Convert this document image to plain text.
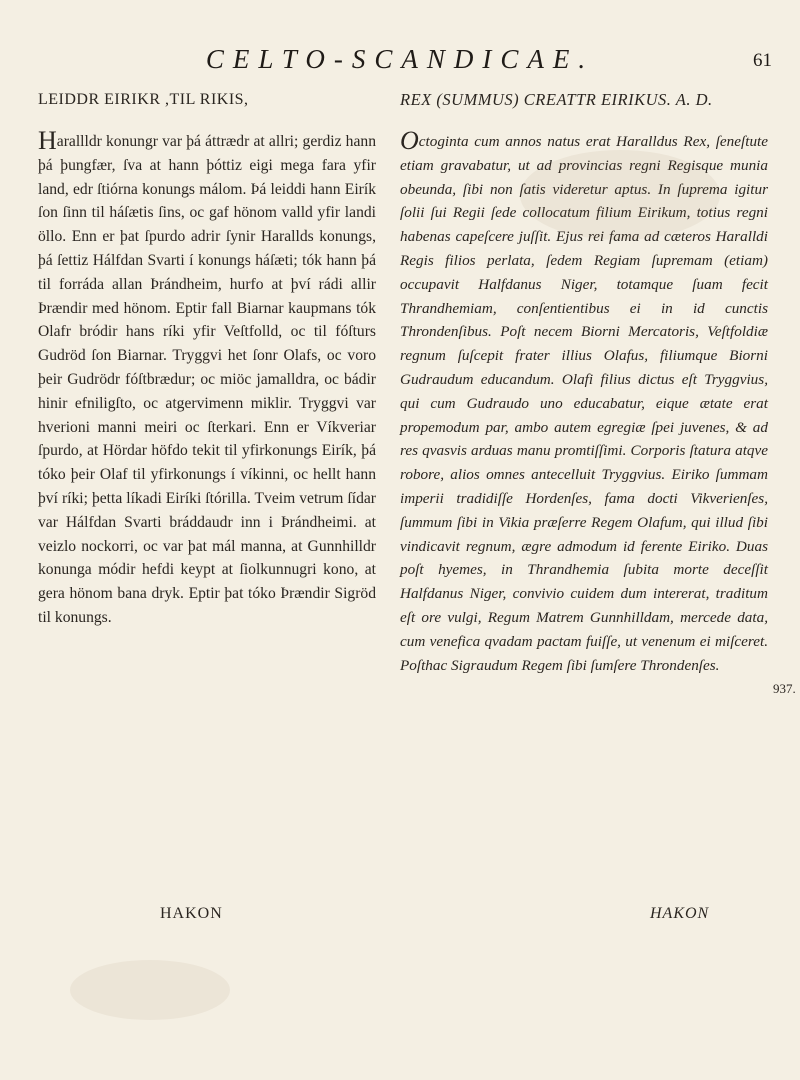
CELTO-SCANDICAE.	61
LEIDDR EIRIKR ,TIL RIKIS,
Harallldr konungr var þá áttrædr at allri; gerdiz hann þá þungfær, ſva at hann þóttiz eigi mega fara yfir land, edr ſtiórna konungs málom. Þá leiddi hann Eirík ſon ſinn til háſætis ſins, oc gaf hönom valld yfir landi öllo. Enn er þat ſpurdo adrir ſynir Harallds konungs, þá ſettiz Hálfdan Svarti í konungs háſæti; tók hann þá til forráda allan Þrándheim, hurfo at því rádi allir Þrændir med hönom. Eptir fall Biarnar kaupmans tók Olafr bródir hans ríki yfir Veſtfolld, oc til fóſturs Gudröd ſon Biarnar. Tryggvi het ſonr Olafs, oc voro þeir Gudrödr fóſtbrædur; oc miöc jamalldra, oc bádir hinir efniligſto, oc atgervimenn miklir. Tryggvi var hverioni manni meiri oc ſterkari. Enn er Víkveriar ſpurdo, at Hördar höfdo tekit til yfirkonungs Eirík, þá tóko þeir Olaf til yfirkonungs í víkinni, oc hellt hann því ríki; þetta líkadi Eiríki ſtórilla. Tveim vetrum ſídar var Hálfdan Svarti bráddaudr inn i Þrándheimi. at veizlo nockorri, oc var þat mál manna, at Gunnhilldr konunga módir hefdi keypt at ſiolkunnugri kono, at gera hönom bana dryk. Eptir þat tóko Þrændir Sigröd til konungs.
REX (SUMMUS) CREATTR EIRIKUS. A. D.
Octoginta cum annos natus erat Haralldus Rex, ſeneſtute etiam gravabatur, ut ad provincias regni Regisque munia obeunda, ſibi non ſatis videretur aptus. In ſuprema igitur ſolii ſui Regii ſede collocatum filium Eirikum, totius regni habenas capeſcere juſſit. Ejus rei fama ad cæteros Haralldi Regis filios perlata, ſedem Regiam ſupremam (etiam) occupavit Halfdanus Niger, totamque ſuam fecit Thrandhemiam, conſentientibus ei in id cunctis Throndenſibus. Poſt necem Biorni Mercatoris, Veſtfoldiæ regnum ſuſcepit frater illius Olafus, filiumque Biorni Gudraudum educandum. Olafi filius dictus eſt Tryggvius, qui cum Gudraudo uno educabatur, eique ætate erat propemodum par, ambo autem egregiæ ſpei juvenes, & ad res qvasvis arduas manu promtiſſimi. Corporis ſtatura atqve robore, alios omnes antecelluit Tryggvius. Eiriko ſummam imperii tradidiſſe Hordenſes, fama docti Vikverienſes, ſummum ſibi in Vikia præſerre Regem Olafum, qui illud ſibi vindicavit regnum, ægre admodum id ferente Eiriko. Duas poſt hyemes, in Thrandhemia ſubita morte deceſſit Halfdanus Niger, convivio cuidem dum intererat, traditum eſt ore vulgi, Regum Matrem Gunnhilldam, mercede data, cum venefica qvadam pactam fuiſſe, ut venenum ei miſceret. Poſthac Sigraudum Regem ſibi ſumſere Throndenſes.
937.
HAKON	HAKON
